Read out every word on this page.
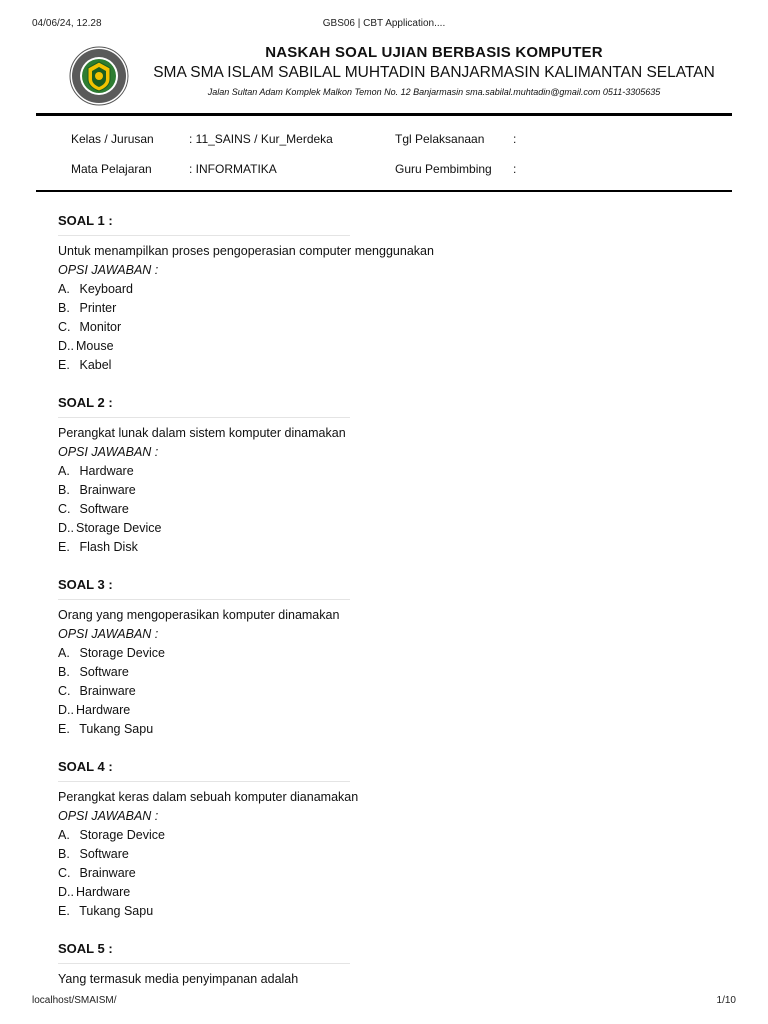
04/06/24, 12.28	GBS06 | CBT Application....
NASKAH SOAL UJIAN BERBASIS KOMPUTER
SMA SMA ISLAM SABILAL MUHTADIN BANJARMASIN KALIMANTAN SELATAN
Jalan Sultan Adam Komplek Malkon Temon No. 12 Banjarmasin sma.sabilal.muhtadin@gmail.com 0511-3305635
Kelas / Jurusan	: 11_SAINS / Kur_Merdeka	Tgl Pelaksanaan :
Mata Pelajaran	: INFORMATIKA	Guru Pembimbing :
SOAL 1 :
Untuk menampilkan proses pengoperasian computer menggunakan
OPSI JAWABAN :
A. Keyboard
B. Printer
C. Monitor
D.. Mouse
E. Kabel
SOAL 2 :
Perangkat lunak dalam sistem komputer dinamakan
OPSI JAWABAN :
A. Hardware
B. Brainware
C. Software
D.. Storage Device
E. Flash Disk
SOAL 3 :
Orang yang mengoperasikan komputer dinamakan
OPSI JAWABAN :
A. Storage Device
B. Software
C. Brainware
D.. Hardware
E. Tukang Sapu
SOAL 4 :
Perangkat keras dalam sebuah komputer dianamakan
OPSI JAWABAN :
A. Storage Device
B. Software
C. Brainware
D.. Hardware
E. Tukang Sapu
SOAL 5 :
Yang termasuk media penyimpanan adalah
localhost/SMAISM/	1/10
